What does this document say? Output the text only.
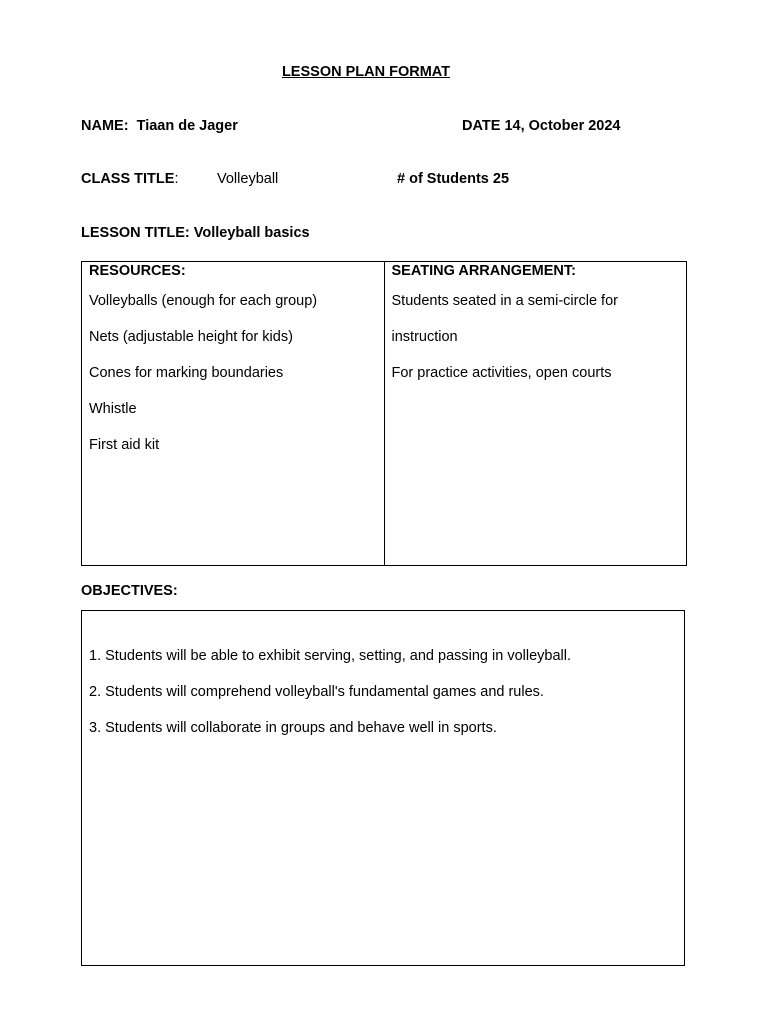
LESSON PLAN FORMAT
NAME: Tiaan de Jager	DATE 14, October 2024
CLASS TITLE:	Volleyball	# of Students 25
LESSON TITLE: Volleyball basics
RESOURCES:
Volleyballs (enough for each group)
Nets (adjustable height for kids)
Cones for marking boundaries
Whistle
First aid kit
SEATING ARRANGEMENT:
Students seated in a semi-circle for
instruction
For practice activities, open courts
OBJECTIVES:
1. Students will be able to exhibit serving, setting, and passing in volleyball.
2. Students will comprehend volleyball's fundamental games and rules.
3. Students will collaborate in groups and behave well in sports.
